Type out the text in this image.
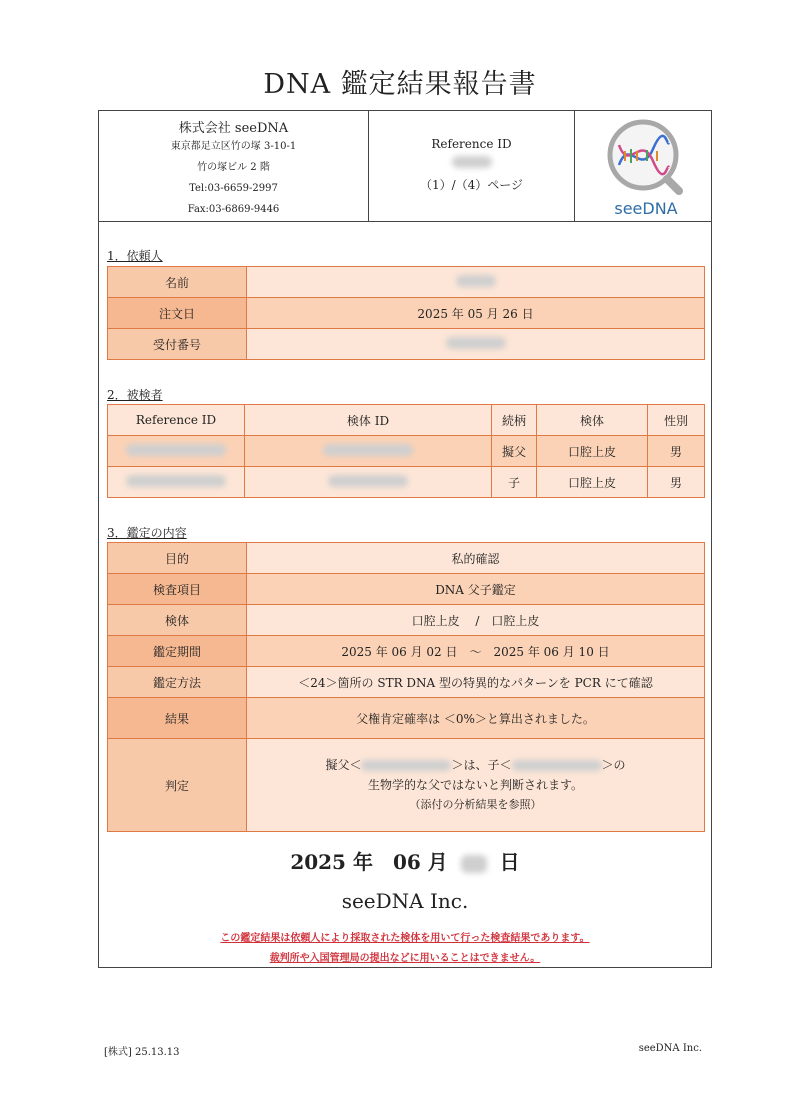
DNA 鑑定結果報告書
株式会社 seeDNA
東京都足立区竹の塚 3-10-1
竹の塚ビル 2 階
Tel:03-6659-2997
Fax:03-6869-9446
Reference ID
（1）/（4）ページ
seeDNA
1．依頼人
名前	
注文日	2025 年 05 月 26 日
受付番号	
2．被検者
Reference ID	検体 ID	続柄	検体	性別
		擬父	口腔上皮	男
		子	口腔上皮	男
3．鑑定の内容
目的	私的確認
検査項目	DNA 父子鑑定
検体	口腔上皮　 /　口腔上皮
鑑定期間	2025 年 06 月 02 日　～　2025 年 06 月 10 日
鑑定方法	＜24＞箇所の STR DNA 型の特異的なパターンを PCR にて確認
結果	父権肯定確率は ＜0%＞と算出されました。
判定	擬父＜ ＞は、子＜ ＞の
生物学的な父ではないと判断されます。
（添付の分析結果を参照）
2025 年　06 月	日
seeDNA Inc.
この鑑定結果は依頼人により採取された検体を用いて行った検査結果であります。
裁判所や入国管理局の提出などに用いることはできません。
[株式] 25.13.13	seeDNA Inc.
